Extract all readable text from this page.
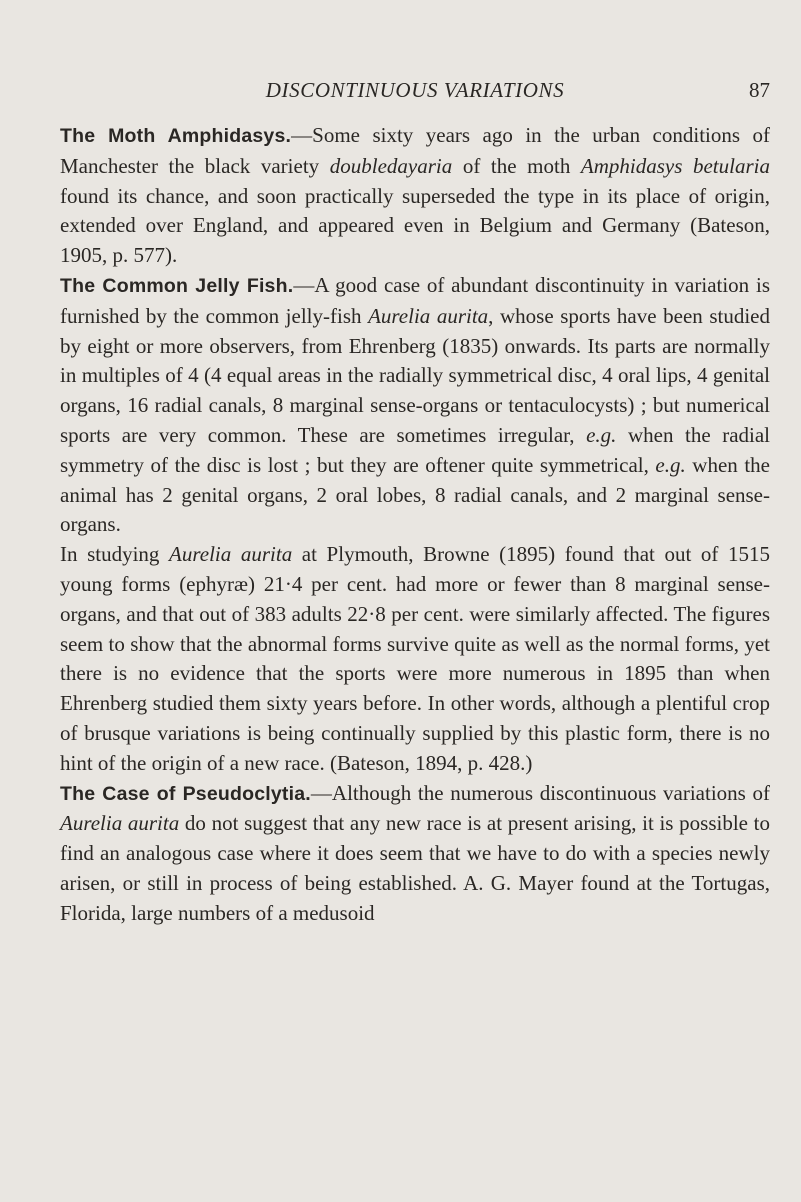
DISCONTINUOUS VARIATIONS	87

The Moth Amphidasys.—Some sixty years ago in the urban conditions of Manchester the black variety doubledayaria of the moth Amphidasys betularia found its chance, and soon practically superseded the type in its place of origin, extended over England, and appeared even in Belgium and Germany (Bateson, 1905, p. 577).

The Common Jelly Fish.—A good case of abundant discontinuity in variation is furnished by the common jelly-fish Aurelia aurita, whose sports have been studied by eight or more observers, from Ehrenberg (1835) onwards. Its parts are normally in multiples of 4 (4 equal areas in the radially symmetrical disc, 4 oral lips, 4 genital organs, 16 radial canals, 8 marginal sense-organs or tentaculocysts) ; but numerical sports are very common. These are sometimes irregular, e.g. when the radial symmetry of the disc is lost ; but they are oftener quite symmetrical, e.g. when the animal has 2 genital organs, 2 oral lobes, 8 radial canals, and 2 marginal sense-organs.

In studying Aurelia aurita at Plymouth, Browne (1895) found that out of 1515 young forms (ephyræ) 21·4 per cent. had more or fewer than 8 marginal sense-organs, and that out of 383 adults 22·8 per cent. were similarly affected. The figures seem to show that the abnormal forms survive quite as well as the normal forms, yet there is no evidence that the sports were more numerous in 1895 than when Ehrenberg studied them sixty years before. In other words, although a plentiful crop of brusque variations is being continually supplied by this plastic form, there is no hint of the origin of a new race. (Bateson, 1894, p. 428.)

The Case of Pseudoclytia.—Although the numerous discontinuous variations of Aurelia aurita do not suggest that any new race is at present arising, it is possible to find an analogous case where it does seem that we have to do with a species newly arisen, or still in process of being established. A. G. Mayer found at the Tortugas, Florida, large numbers of a medusoid
